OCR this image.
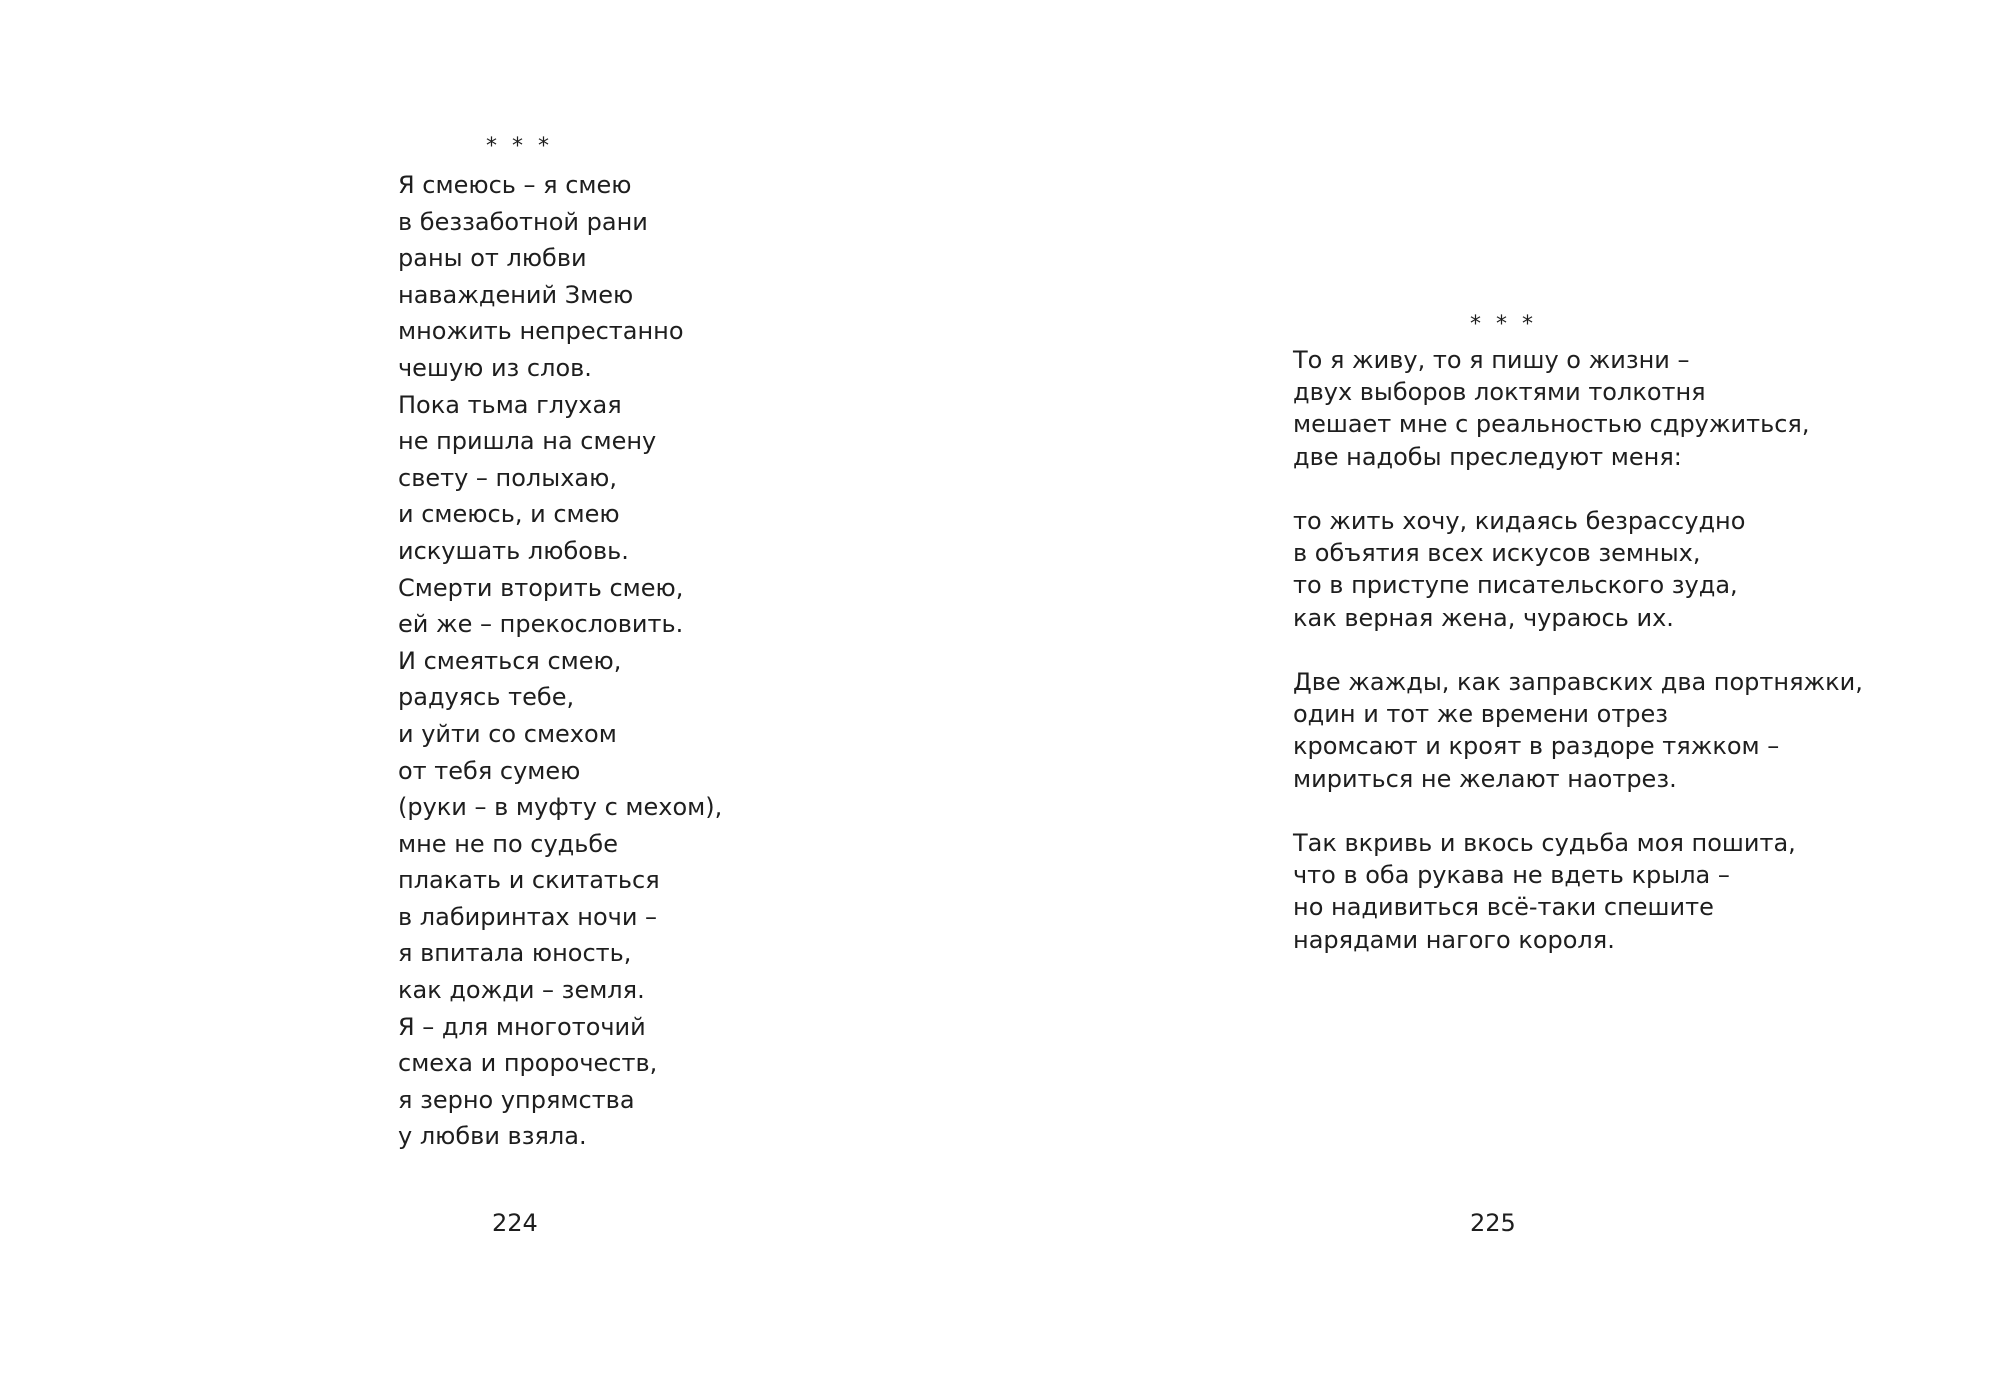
* * *
Я смеюсь – я смею
в беззаботной рани
раны от любви
наваждений Змею
множить непрестанно
чешую из слов.
Пока тьма глухая
не пришла на смену
свету – полыхаю,
и смеюсь, и смею
искушать любовь.
Смерти вторить смею,
ей же – прекословить.
И смеяться смею,
радуясь тебе,
и уйти со смехом
от тебя сумею
(руки – в муфту с мехом),
мне не по судьбе
плакать и скитаться
в лабиринтах ночи –
я впитала юность,
как дожди – земля.
Я – для многоточий
смеха и пророчеств,
я зерно упрямства
у любви взяла.
224
* * *
То я живу, то я пишу о жизни –
двух выборов локтями толкотня
мешает мне с реальностью сдружиться,
две надобы преследуют меня:
то жить хочу, кидаясь безрассудно
в объятия всех искусов земных,
то в приступе писательского зуда,
как верная жена, чураюсь их.
Две жажды, как заправских два портняжки,
один и тот же времени отрез
кромсают и кроят в раздоре тяжком –
мириться не желают наотрез.
Так вкривь и вкось судьба моя пошита,
что в оба рукава не вдеть крыла –
но надивиться всё-таки спешите
нарядами нагого короля.
225
